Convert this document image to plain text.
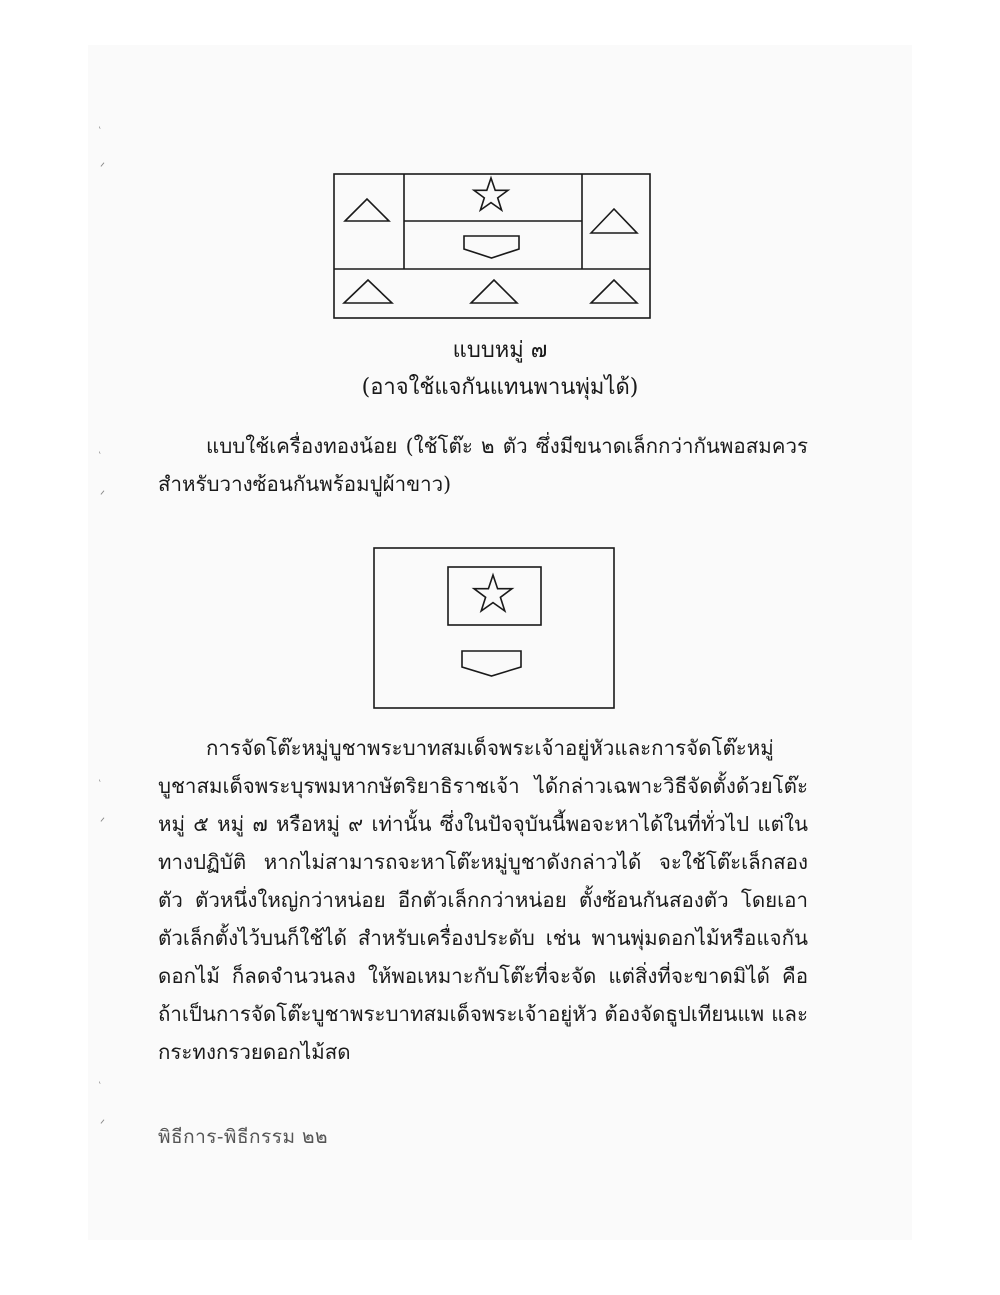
ᐟ
ᐟ
ᐟ
ᐟ
แบบหมู่ ๗
(อาจใช้แจกันแทนพานพุ่มได้)

แบบใช้เครื่องทองน้อย (ใช้โต๊ะ ๒ ตัว ซึ่งมีขนาดเล็กกว่ากันพอสมควร สำหรับวางซ้อนกันพร้อมปูผ้าขาว)

การจัดโต๊ะหมู่บูชาพระบาทสมเด็จพระเจ้าอยู่หัวและการจัดโต๊ะหมู่บูชาสมเด็จพระบุรพมหากษัตริยาธิราชเจ้า ได้กล่าวเฉพาะวิธีจัดตั้งด้วยโต๊ะหมู่ ๕ หมู่ ๗ หรือหมู่ ๙ เท่านั้น ซึ่งในปัจจุบันนี้พอจะหาได้ในที่ทั่วไป แต่ในทางปฏิบัติ หากไม่สามารถจะหาโต๊ะหมู่บูชาดังกล่าวได้ จะใช้โต๊ะเล็กสองตัว ตัวหนึ่งใหญ่กว่าหน่อย อีกตัวเล็กกว่าหน่อย ตั้งซ้อนกันสองตัว โดยเอาตัวเล็กตั้งไว้บนก็ใช้ได้ สำหรับเครื่องประดับ เช่น พานพุ่มดอกไม้หรือแจกันดอกไม้ ก็ลดจำนวนลง ให้พอเหมาะกับโต๊ะที่จะจัด แต่สิ่งที่จะขาดมิได้ คือถ้าเป็นการจัดโต๊ะบูชาพระบาทสมเด็จพระเจ้าอยู่หัว ต้องจัดธูปเทียนแพ และกระทงกรวยดอกไม้สด

พิธีการ-พิธีกรรม ๒๒
